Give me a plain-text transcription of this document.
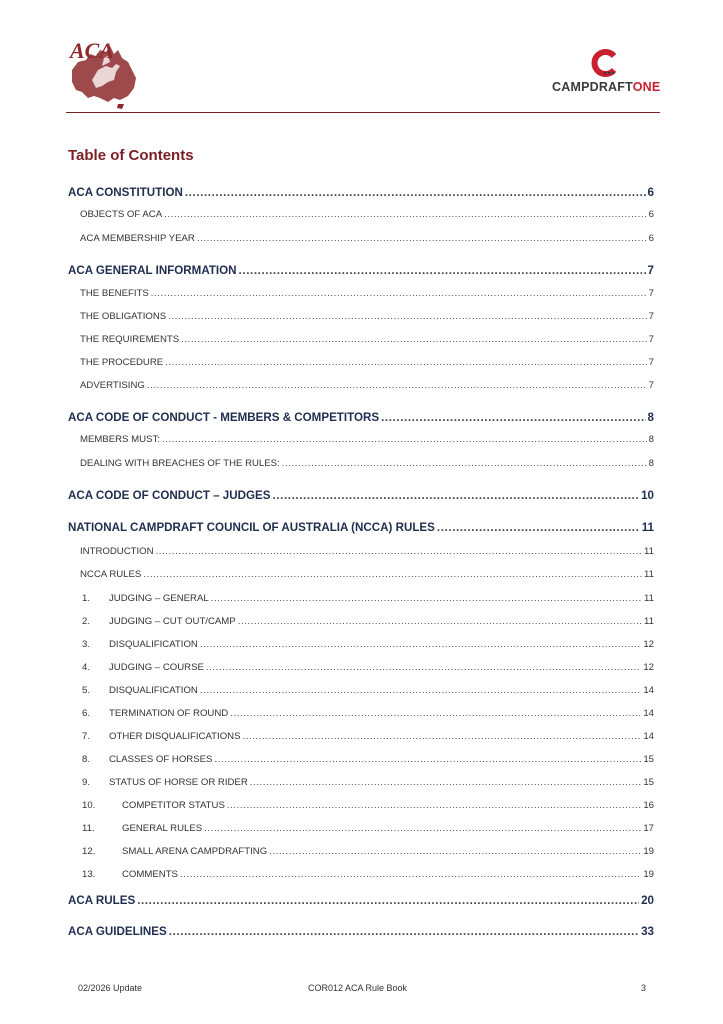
ACA
CAMPDRAFTONE
Table of Contents
ACA CONSTITUTION .....	6
OBJECTS OF ACA .....	6
ACA MEMBERSHIP YEAR .....	6
ACA GENERAL INFORMATION .....	7
THE BENEFITS .....	7
THE OBLIGATIONS .....	7
THE REQUIREMENTS .....	7
THE PROCEDURE .....	7
ADVERTISING .....	7
ACA CODE OF CONDUCT - MEMBERS & COMPETITORS .....	8
MEMBERS MUST: .....	8
DEALING WITH BREACHES OF THE RULES: .....	8
ACA CODE OF CONDUCT – JUDGES .....	10
NATIONAL CAMPDRAFT COUNCIL OF AUSTRALIA (NCCA) RULES .....	11
INTRODUCTION .....	11
NCCA RULES .....	11
1.	JUDGING – GENERAL .....	11
2.	JUDGING – CUT OUT/CAMP .....	11
3.	DISQUALIFICATION .....	12
4.	JUDGING – COURSE .....	12
5.	DISQUALIFICATION .....	14
6.	TERMINATION OF ROUND .....	14
7.	OTHER DISQUALIFICATIONS .....	14
8.	CLASSES OF HORSES .....	15
9.	STATUS OF HORSE OR RIDER .....	15
10.	COMPETITOR STATUS .....	16
11.	GENERAL RULES .....	17
12.	SMALL ARENA CAMPDRAFTING .....	19
13.	COMMENTS .....	19
ACA RULES .....	20
ACA GUIDELINES .....	33
02/2026 Update	COR012 ACA Rule Book	3
